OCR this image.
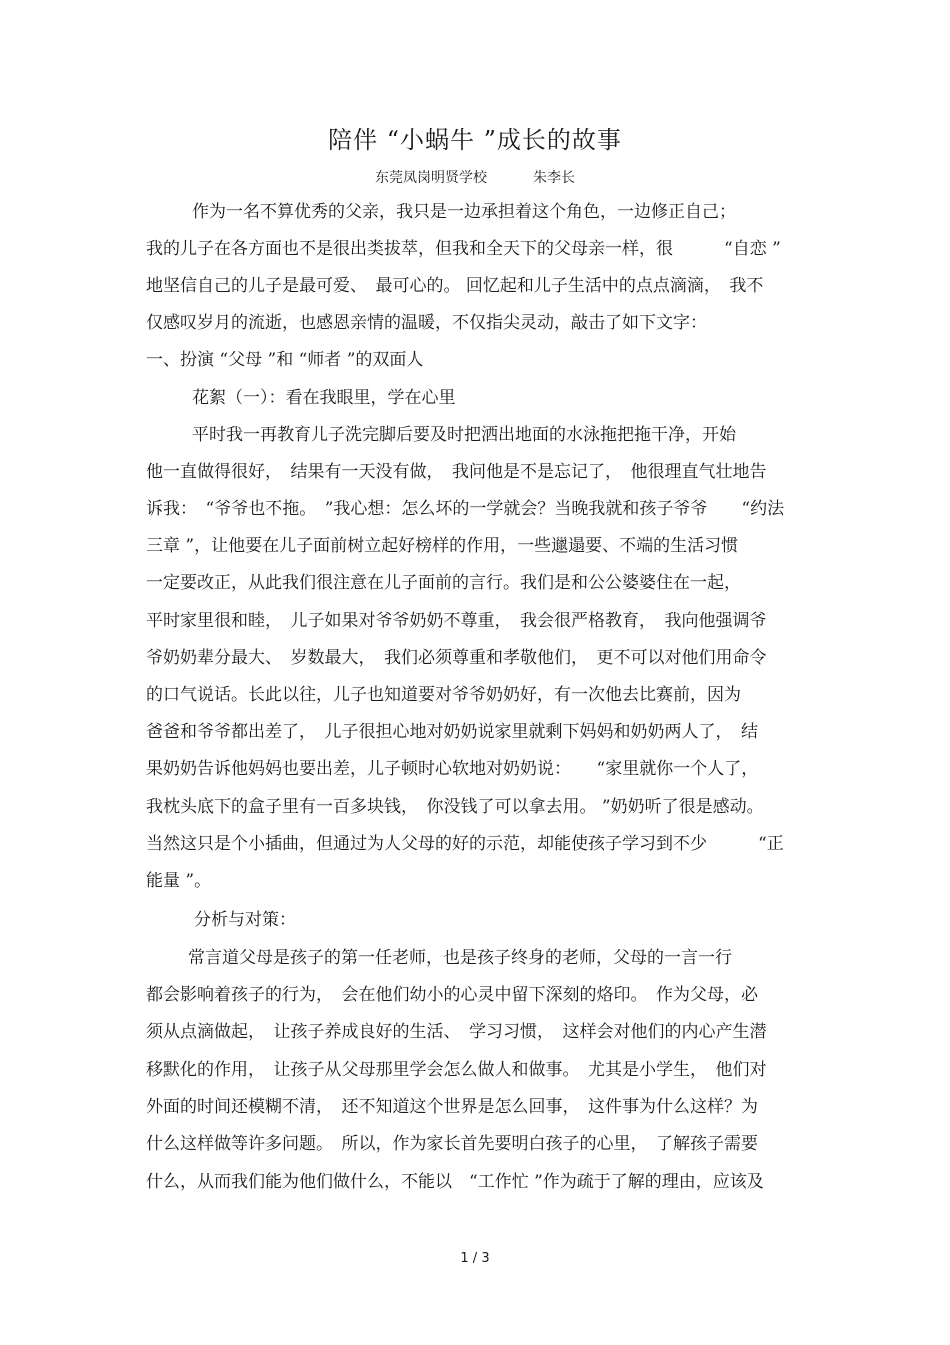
陪伴 “小蜗牛 ”成长的故事
东莞凤岗明贤学校	朱李长
作为一名不算优秀的父亲，我只是一边承担着这个角色，一边修正自己；
我的儿子在各方面也不是很出类拔萃，但我和全天下的父母亲一样，很　　　“自恋 ”
地坚信自己的儿子是最可爱、　最可心的。 回忆起和儿子生活中的点点滴滴，　我不
仅感叹岁月的流逝，也感恩亲情的温暖，不仅指尖灵动，敲击了如下文字：
一、扮演 “父母 ”和 “师者 ”的双面人
花絮（一）：看在我眼里，学在心里
平时我一再教育儿子洗完脚后要及时把洒出地面的水泳拖把拖干净，开始
他一直做得很好，　结果有一天没有做，　我问他是不是忘记了，　他很理直气壮地告
诉我：　“爷爷也不拖。　”我心想：怎么坏的一学就会？当晚我就和孩子爷爷　　“约法
三章 ”，让他要在儿子面前树立起好榜样的作用，一些邋遢要、不端的生活习惯
一定要改正，从此我们很注意在儿子面前的言行。我们是和公公婆婆住在一起，
平时家里很和睦，　儿子如果对爷爷奶奶不尊重，　我会很严格教育，　我向他强调爷
爷奶奶辈分最大、　岁数最大，　我们必须尊重和孝敬他们，　更不可以对他们用命令
的口气说话。长此以往，儿子也知道要对爷爷奶奶好，有一次他去比赛前，因为
爸爸和爷爷都出差了，　儿子很担心地对奶奶说家里就剩下妈妈和奶奶两人了，　结
果奶奶告诉他妈妈也要出差，儿子顿时心软地对奶奶说：　　“家里就你一个人了，
我枕头底下的盒子里有一百多块钱，　你没钱了可以拿去用。 ”奶奶听了很是感动。
当然这只是个小插曲，但通过为人父母的好的示范，却能使孩子学习到不少　　　“正
能量 ”。
分析与对策：
常言道父母是孩子的第一任老师，也是孩子终身的老师，父母的一言一行
都会影响着孩子的行为，　会在他们幼小的心灵中留下深刻的烙印。　作为父母，必
须从点滴做起，　让孩子养成良好的生活、　学习习惯，　这样会对他们的内心产生潜
移默化的作用，　让孩子从父母那里学会怎么做人和做事。　尤其是小学生，　他们对
外面的时间还模糊不清，　还不知道这个世界是怎么回事，　这件事为什么这样？为
什么这样做等许多问题。　所以，作为家长首先要明白孩子的心里，　了解孩子需要
什么，从而我们能为他们做什么，不能以　“工作忙 ”作为疏于了解的理由，应该及
1 / 3
